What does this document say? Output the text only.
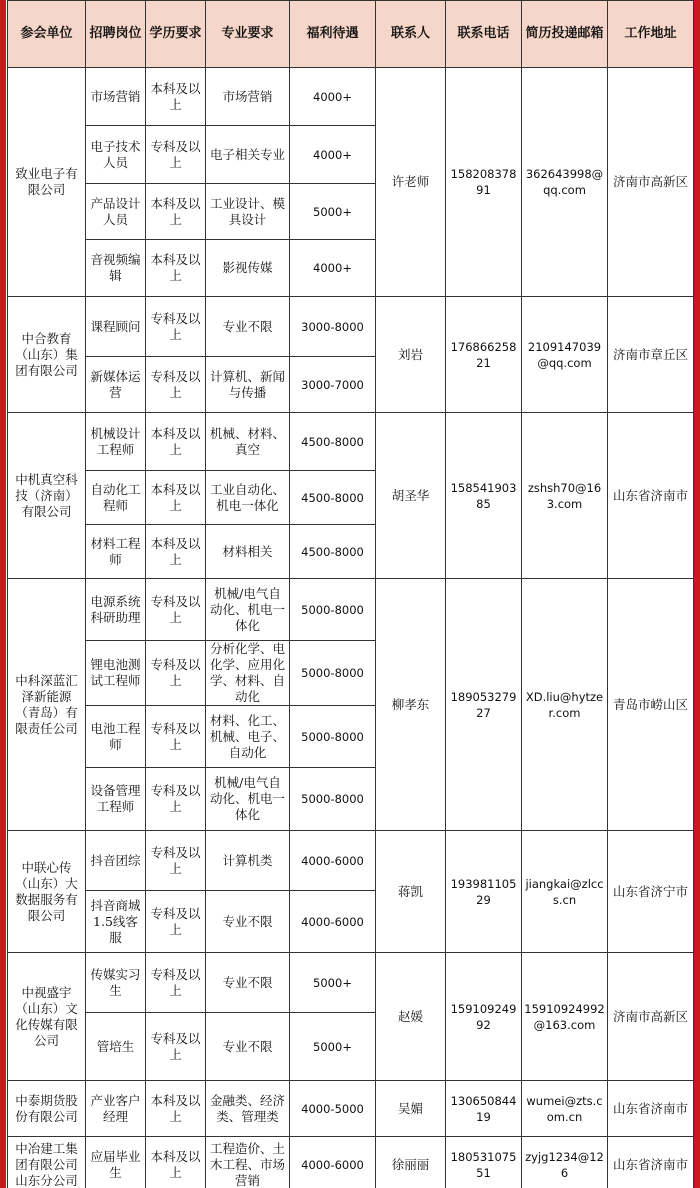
参会单位	招聘岗位	学历要求	专业要求	福利待遇	联系人	联系电话	简历投递邮箱	工作地址
致业电子有限公司	市场营销	本科及以上	市场营销	4000+	许老师	15820837891	362643998@qq.com	济南市高新区
	电子技术人员	专科及以上	电子相关专业	4000+				
	产品设计人员	本科及以上	工业设计、模具设计	5000+				
	音视频编辑	本科及以上	影视传媒	4000+				
中合教育（山东）集团有限公司	课程顾问	专科及以上	专业不限	3000-8000	刘岩	17686625821	2109147039@qq.com	济南市章丘区
	新媒体运营	专科及以上	计算机、新闻与传播	3000-7000				
中机真空科技（济南）有限公司	机械设计工程师	本科及以上	机械、材料、真空	4500-8000	胡圣华	15854190385	zshsh70@163.com	山东省济南市
	自动化工程师	本科及以上	工业自动化、机电一体化	4500-8000				
	材料工程师	本科及以上	材料相关	4500-8000				
中科深蓝汇泽新能源（青岛）有限责任公司	电源系统科研助理	专科及以上	机械/电气自动化、机电一体化	5000-8000	柳孝东	18905327927	XD.liu@hytzer.com	青岛市崂山区
	锂电池测试工程师	专科及以上	分析化学、电化学、应用化学、材料、自动化	5000-8000				
	电池工程师	专科及以上	材料、化工、机械、电子、自动化	5000-8000				
	设备管理工程师	专科及以上	机械/电气自动化、机电一体化	5000-8000				
中联心传（山东）大数据服务有限公司	抖音团综	专科及以上	计算机类	4000-6000	蒋凯	19398110529	jiangkai@zlccs.cn	山东省济宁市
	抖音商城1.5线客服	专科及以上	专业不限	4000-6000				
中视盛宇（山东）文化传媒有限公司	传媒实习生	专科及以上	专业不限	5000+	赵媛	15910924992	15910924992@163.com	济南市高新区
	管培生	专科及以上	专业不限	5000+				
中泰期货股份有限公司	产业客户经理	本科及以上	金融类、经济类、管理类	4000-5000	吴媚	13065084419	wumei@zts.com.cn	山东省济南市
中冶建工集团有限公司山东分公司	应届毕业生	本科及以上	工程造价、土木工程、市场营销	4000-6000	徐丽丽	18053107551	zyjg1234@126	山东省济南市
